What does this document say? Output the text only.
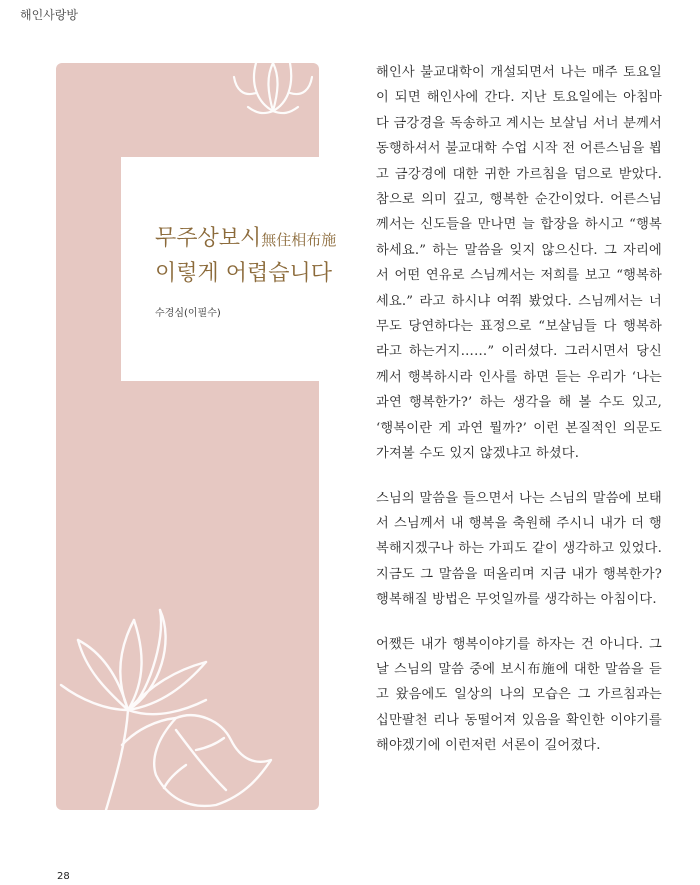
해인사랑방
무주상보시無住相布施
이렇게 어렵습니다
수경심(이필수)

해인사 불교대학이 개설되면서 나는 매주 토요일이 되면 해인사에 간다. 지난 토요일에는 아침마다 금강경을 독송하고 계시는 보살님 서너 분께서 동행하셔서 불교대학 수업 시작 전 어른스님을 뵙고 금강경에 대한 귀한 가르침을 덤으로 받았다. 참으로 의미 깊고, 행복한 순간이었다. 어른스님께서는 신도들을 만나면 늘 합장을 하시고 “행복하세요.” 하는 말씀을 잊지 않으신다. 그 자리에서 어떤 연유로 스님께서는 저희를 보고 “행복하세요.” 라고 하시냐 여쭤 봤었다. 스님께서는 너무도 당연하다는 표정으로 “보살님들 다 행복하라고 하는거지……” 이러셨다. 그러시면서 당신께서 행복하시라 인사를 하면 듣는 우리가 ‘나는 과연 행복한가?’ 하는 생각을 해 볼 수도 있고, ‘행복이란 게 과연 뭘까?’ 이런 본질적인 의문도 가져볼 수도 있지 않겠냐고 하셨다.

스님의 말씀을 들으면서 나는 스님의 말씀에 보태서 스님께서 내 행복을 축원해 주시니 내가 더 행복해지겠구나 하는 가피도 같이 생각하고 있었다. 지금도 그 말씀을 떠올리며 지금 내가 행복한가? 행복해질 방법은 무엇일까를 생각하는 아침이다.

어쨌든 내가 행복이야기를 하자는 건 아니다. 그날 스님의 말씀 중에 보시布施에 대한 말씀을 듣고 왔음에도 일상의 나의 모습은 그 가르침과는 십만팔천 리나 동떨어져 있음을 확인한 이야기를 해야겠기에 이런저런 서론이 길어졌다.

28
